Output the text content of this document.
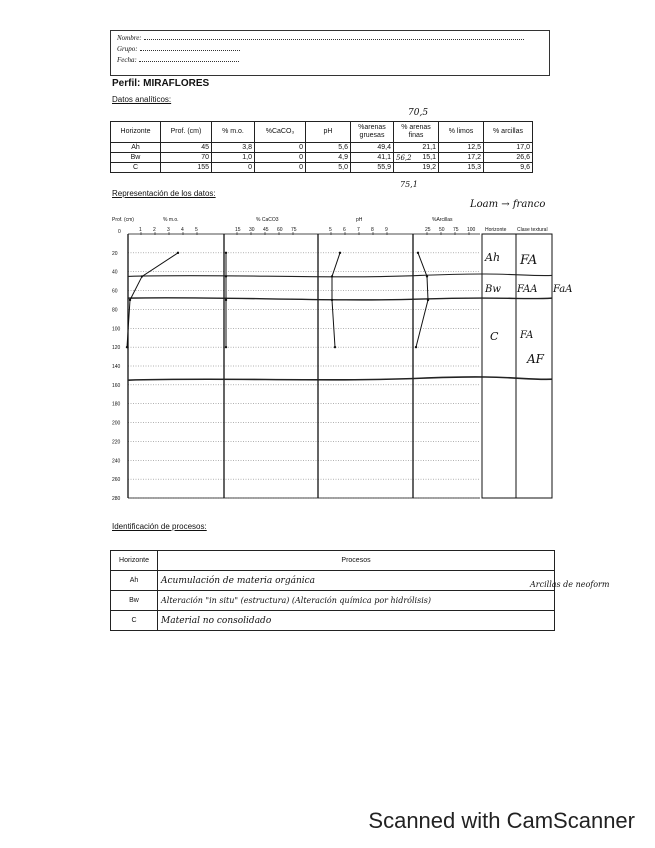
Nombre:
Grupo:
Fecha:
Perfil: MIRAFLORES
Datos analíticos:
70,5
Horizonte	Prof. (cm)	% m.o.	%CaCO₃	pH	%arenas gruesas	% arenas finas	% limos	% arcillas
Ah	45	3,8	0	5,6	49,4	21,1	12,5	17,0
Bw	70	1,0	0	4,9	41,1	56,2 15,1	17,2	26,6
C	155	0	0	5,0	55,9	19,2	15,3	9,6
75,1
Representación de los datos:
Loam → franco
0
20
40
60
80
100
120
140
160
180
200
220
240
260
280
1 2 3 4 5	15 30 45 60 75	5 6 7 8 9	25 50 75 100
Prof. (cm)	% m.o.	% CaCO3	pH	%Arcillas
Horizonte Clase textural
Ah FA
Bw FAA FaA
C FA
AF
Identificación de procesos:
Horizonte	Procesos
Ah	Acumulación de materia orgánica
Bw	Alteración "in situ" (estructura) (Alteración química por hidrólisis)
C	Material no consolidado
Arcillas de neoform
Scanned with CamScanner
